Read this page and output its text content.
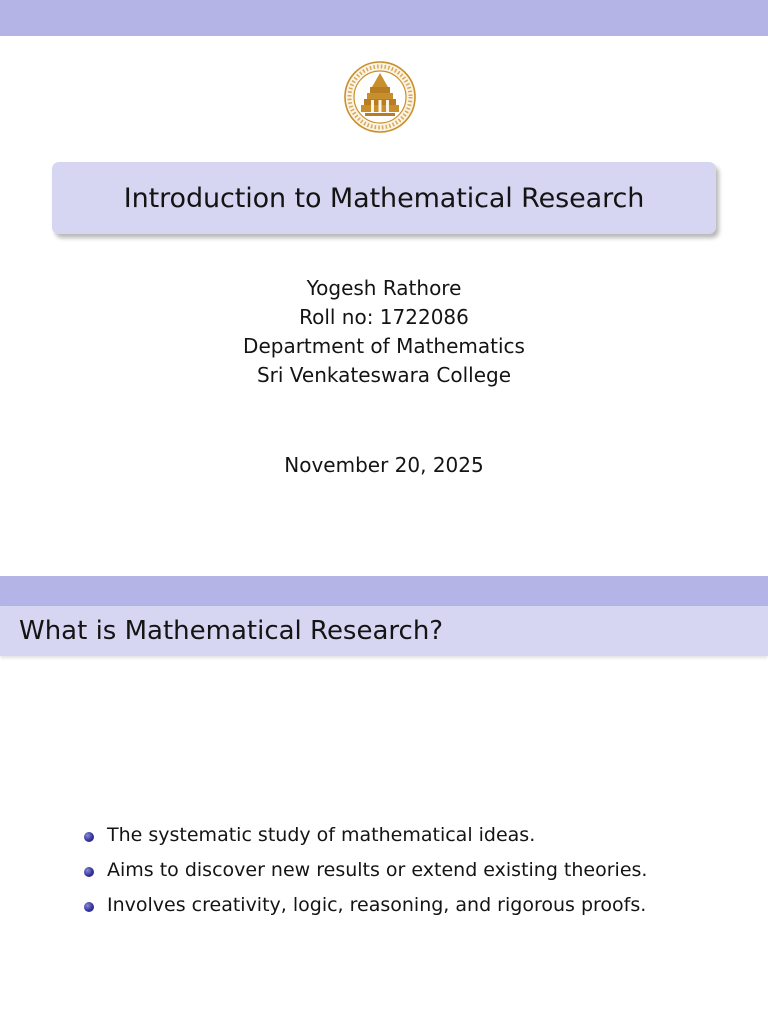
Introduction to Mathematical Research
Yogesh Rathore
Roll no: 1722086
Department of Mathematics
Sri Venkateswara College
November 20, 2025
What is Mathematical Research?
The systematic study of mathematical ideas.
Aims to discover new results or extend existing theories.
Involves creativity, logic, reasoning, and rigorous proofs.
